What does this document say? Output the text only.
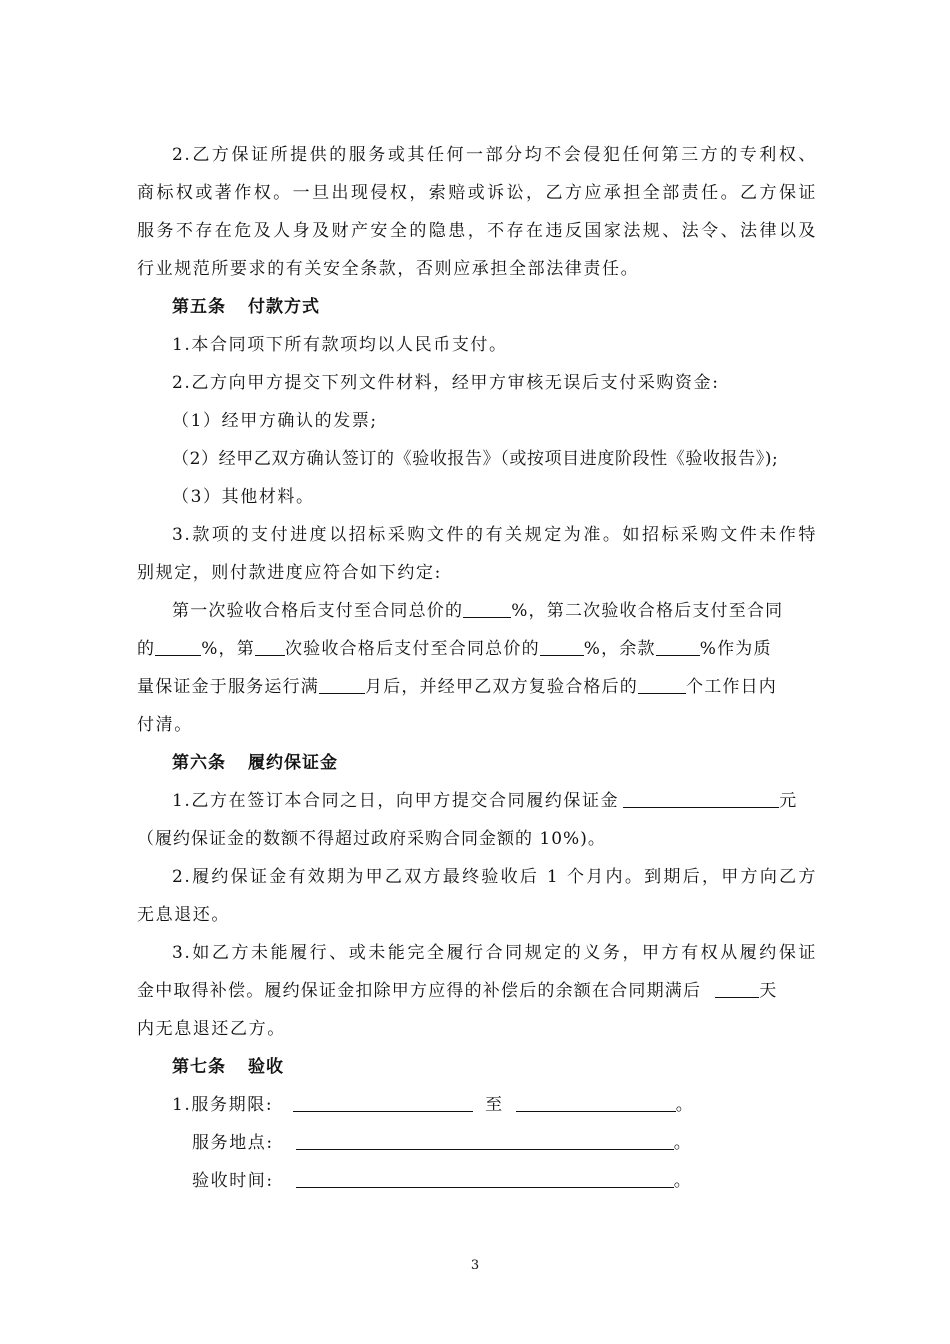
2.乙方保证所提供的服务或其任何一部分均不会侵犯任何第三方的专利权、
商标权或著作权。一旦出现侵权，索赔或诉讼，乙方应承担全部责任。乙方保证
服务不存在危及人身及财产安全的隐患，不存在违反国家法规、法令、法律以及
行业规范所要求的有关安全条款，否则应承担全部法律责任。
第五条 付款方式
1.本合同项下所有款项均以人民币支付。
2.乙方向甲方提交下列文件材料，经甲方审核无误后支付采购资金:
（1）经甲方确认的发票;
（2）经甲乙双方确认签订的《验收报告》（或按项目进度阶段性《验收报告》);
（3）其他材料。
3.款项的支付进度以招标采购文件的有关规定为准。如招标采购文件未作特
别规定，则付款进度应符合如下约定:
第一次验收合格后支付至合同总价的	%，第二次验收合格后支付至合同
的	%，第 次验收合格后支付至合同总价的	%，余款	%作为质
量保证金于服务运行满	月后，并经甲乙双方复验合格后的	个工作日内
付清。
第六条 履约保证金
1.乙方在签订本合同之日，向甲方提交合同履约保证金	元
（履约保证金的数额不得超过政府采购合同金额的 10%)。
2.履约保证金有效期为甲乙双方最终验收后 1 个月内。到期后，甲方向乙方
无息退还。
3.如乙方未能履行、或未能完全履行合同规定的义务，甲方有权从履约保证
金中取得补偿。履约保证金扣除甲方应得的补偿后的余额在合同期满后	天
内无息退还乙方。
第七条 验收
1.服务期限:	至	。
服务地点:	。
验收时间:	。
3
